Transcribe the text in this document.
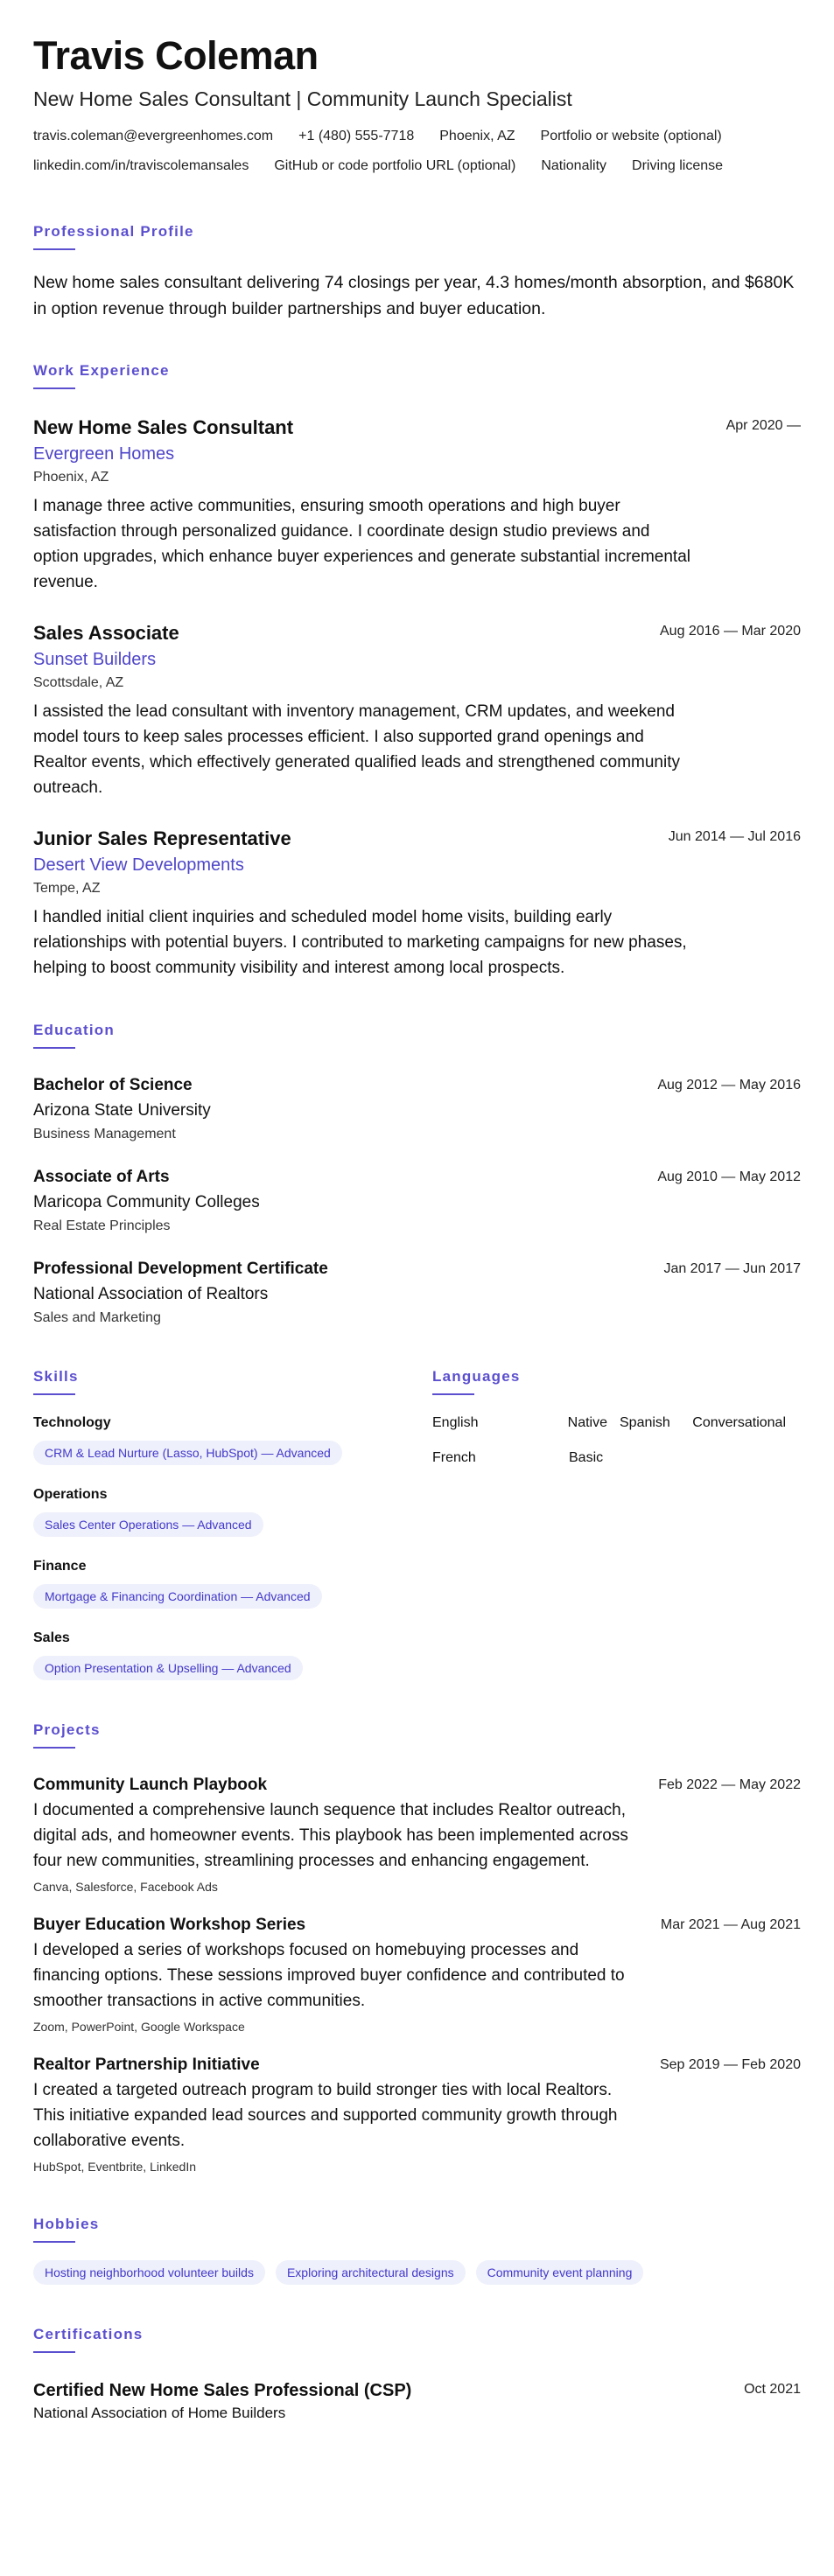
Travis Coleman
New Home Sales Consultant | Community Launch Specialist
travis.coleman@evergreenhomes.com +1 (480) 555-7718 Phoenix, AZ Portfolio or website (optional)
linkedin.com/in/traviscolemansales GitHub or code portfolio URL (optional) Nationality Driving license
Professional Profile
New home sales consultant delivering 74 closings per year, 4.3 homes/month absorption, and $680K in option revenue through builder partnerships and buyer education.
Work Experience
New Home Sales Consultant	Apr 2020 —
Evergreen Homes
Phoenix, AZ
I manage three active communities, ensuring smooth operations and high buyer satisfaction through personalized guidance. I coordinate design studio previews and option upgrades, which enhance buyer experiences and generate substantial incremental revenue.
Sales Associate	Aug 2016 — Mar 2020
Sunset Builders
Scottsdale, AZ
I assisted the lead consultant with inventory management, CRM updates, and weekend model tours to keep sales processes efficient. I also supported grand openings and Realtor events, which effectively generated qualified leads and strengthened community outreach.
Junior Sales Representative	Jun 2014 — Jul 2016
Desert View Developments
Tempe, AZ
I handled initial client inquiries and scheduled model home visits, building early relationships with potential buyers. I contributed to marketing campaigns for new phases, helping to boost community visibility and interest among local prospects.
Education
Bachelor of Science	Aug 2012 — May 2016
Arizona State University
Business Management
Associate of Arts	Aug 2010 — May 2012
Maricopa Community Colleges
Real Estate Principles
Professional Development Certificate	Jan 2017 — Jun 2017
National Association of Realtors
Sales and Marketing
Skills
Technology
CRM & Lead Nurture (Lasso, HubSpot) — Advanced
Operations
Sales Center Operations — Advanced
Finance
Mortgage & Financing Coordination — Advanced
Sales
Option Presentation & Upselling — Advanced
Languages
English	Native Spanish	Conversational
French	Basic
Projects
Community Launch Playbook	Feb 2022 — May 2022
I documented a comprehensive launch sequence that includes Realtor outreach, digital ads, and homeowner events. This playbook has been implemented across four new communities, streamlining processes and enhancing engagement.
Canva, Salesforce, Facebook Ads
Buyer Education Workshop Series	Mar 2021 — Aug 2021
I developed a series of workshops focused on homebuying processes and financing options. These sessions improved buyer confidence and contributed to smoother transactions in active communities.
Zoom, PowerPoint, Google Workspace
Realtor Partnership Initiative	Sep 2019 — Feb 2020
I created a targeted outreach program to build stronger ties with local Realtors. This initiative expanded lead sources and supported community growth through collaborative events.
HubSpot, Eventbrite, LinkedIn
Hobbies
Hosting neighborhood volunteer builds	Exploring architectural designs	Community event planning
Certifications
Certified New Home Sales Professional (CSP)	Oct 2021
National Association of Home Builders
